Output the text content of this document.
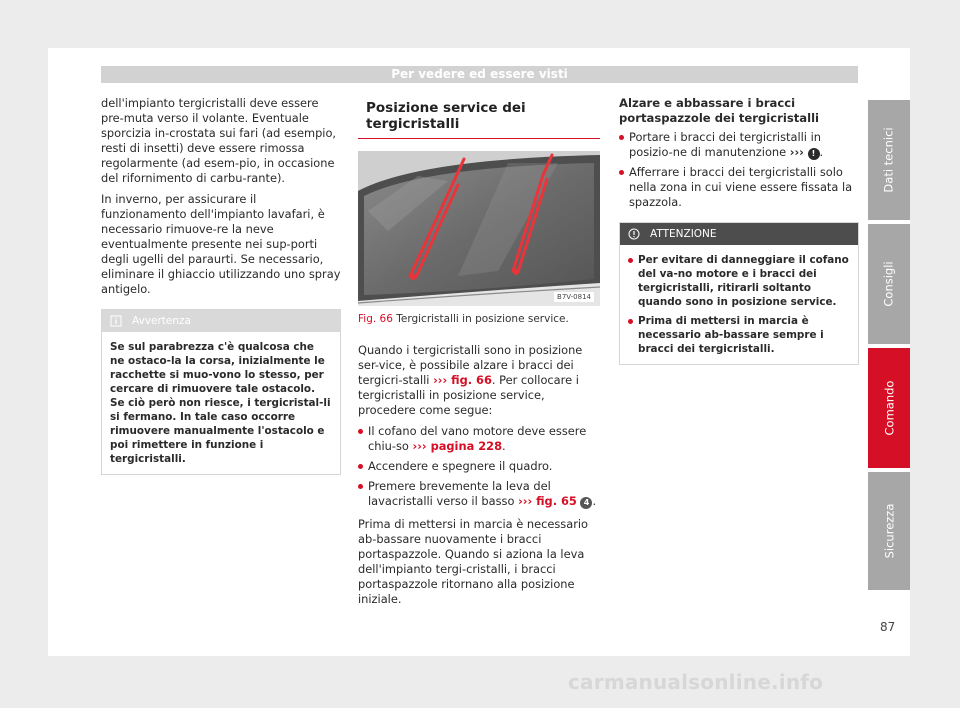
Per vedere ed essere visti

dell'impianto tergicristalli deve essere pre-muta verso il volante. Eventuale sporcizia in-crostata sui fari (ad esempio, resti di insetti) deve essere rimossa regolarmente (ad esem-pio, in occasione del rifornimento di carbu-rante).

In inverno, per assicurare il funzionamento dell'impianto lavafari, è necessario rimuove-re la neve eventualmente presente nei sup-porti degli ugelli del paraurti. Se necessario, eliminare il ghiaccio utilizzando uno spray antigelo.

Avvertenza
Se sul parabrezza c'è qualcosa che ne ostaco-la la corsa, inizialmente le racchette si muo-vono lo stesso, per cercare di rimuovere tale ostacolo. Se ciò però non riesce, i tergicristal-li si fermano. In tale caso occorre rimuovere manualmente l'ostacolo e poi rimettere in funzione i tergicristalli.
Posizione service dei tergicristalli
B7V-0814
Fig. 66 Tergicristalli in posizione service.

Quando i tergicristalli sono in posizione ser-vice, è possibile alzare i bracci dei tergicri-stalli ››› fig. 66. Per collocare i tergicristalli in posizione service, procedere come segue:

Il cofano del vano motore deve essere chiu-so ››› pagina 228.
Accendere e spegnere il quadro.
Premere brevemente la leva del lavacristalli verso il basso ››› fig. 65 4 .

Prima di mettersi in marcia è necessario ab-bassare nuovamente i bracci portaspazzole. Quando si aziona la leva dell'impianto tergi-cristalli, i bracci portaspazzole ritornano alla posizione iniziale.

Alzare e abbassare i bracci portaspazzole dei tergicristalli
Portare i bracci dei tergicristalli in posizio-ne di manutenzione ››› ! .
Afferrare i bracci dei tergicristalli solo nella zona in cui viene essere fissata la spazzola.
ATTENZIONE
Per evitare di danneggiare il cofano del va-no motore e i bracci dei tergicristalli, ritirarli soltanto quando sono in posizione service.
Prima di mettersi in marcia è necessario ab-bassare sempre i bracci dei tergicristalli.
Dati tecnici
Consigli
Comando
Sicurezza
87
carmanualsonline.info
